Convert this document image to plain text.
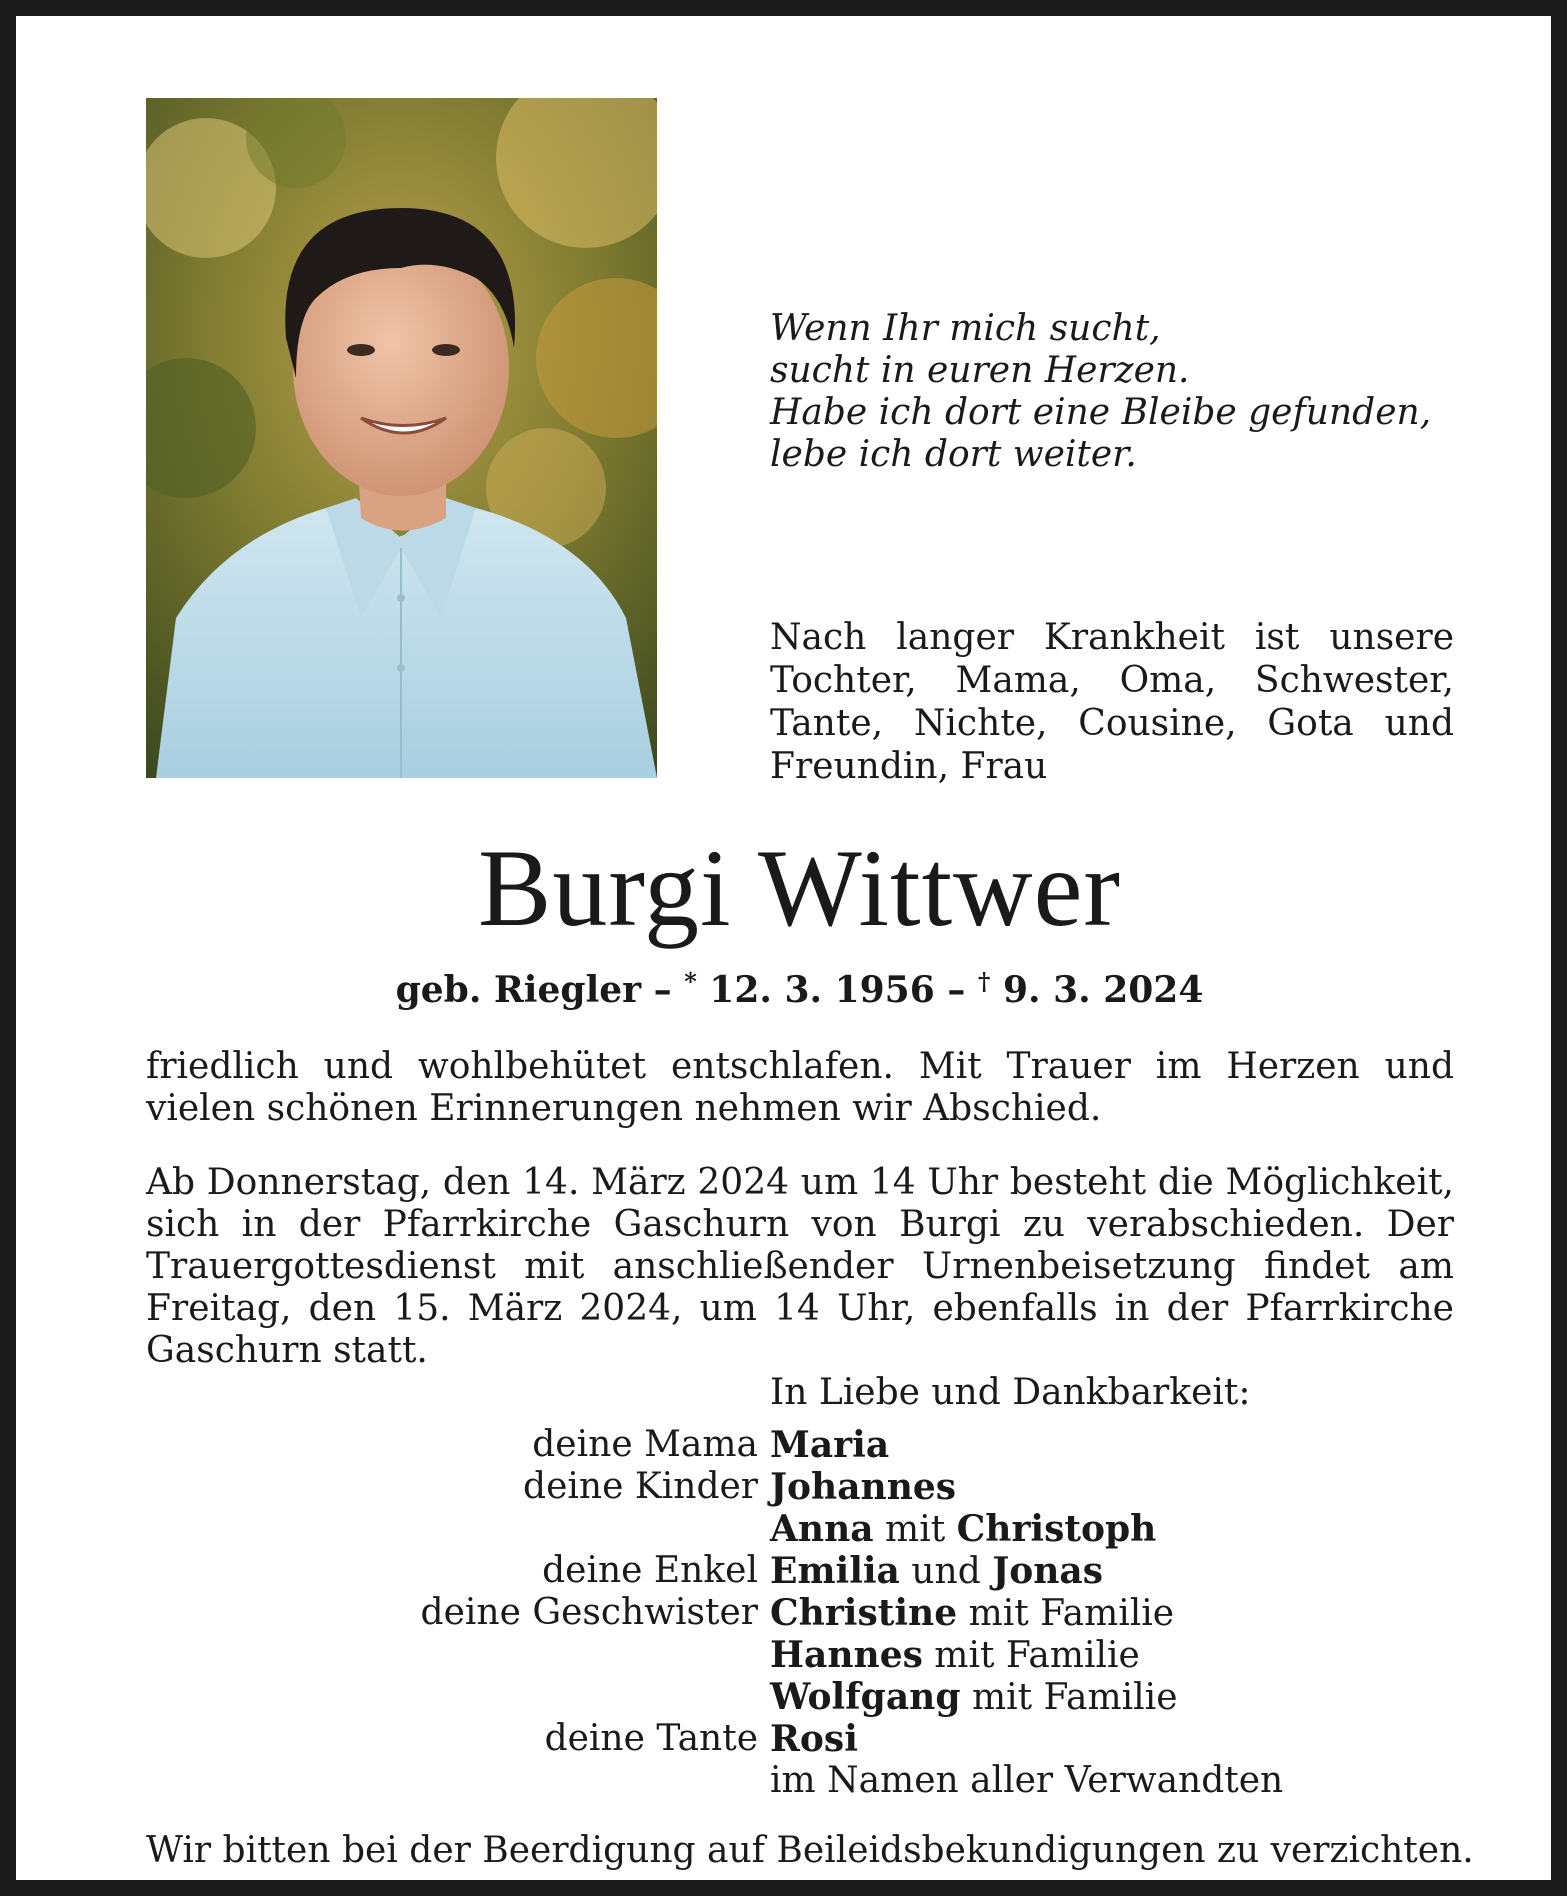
Wenn Ihr mich sucht,
sucht in euren Herzen.
Habe ich dort eine Bleibe gefunden,
lebe ich dort weiter.
Nach langer Krankheit ist unsere Tochter, Mama, Oma, Schwester, Tante, Nichte, Cousine, Gota und Freundin, Frau
Burgi Wittwer
geb. Riegler – * 12. 3. 1956 – † 9. 3. 2024
friedlich und wohlbehütet entschlafen. Mit Trauer im Herzen und vielen schönen Erinnerungen nehmen wir Abschied.
Ab Donnerstag, den 14. März 2024 um 14 Uhr besteht die Möglichkeit, sich in der Pfarrkirche Gaschurn von Burgi zu verabschieden. Der Trauergottesdienst mit anschließender Urnenbeisetzung findet am Freitag, den 15. März 2024, um 14 Uhr, ebenfalls in der Pfarrkirche Gaschurn statt.
In Liebe und Dankbarkeit:
deine Mama Maria
deine Kinder Johannes
Anna mit Christoph
deine Enkel Emilia und Jonas
deine Geschwister Christine mit Familie
Hannes mit Familie
Wolfgang mit Familie
deine Tante Rosi
im Namen aller Verwandten
Wir bitten bei der Beerdigung auf Beileidsbekundigungen zu verzichten.
